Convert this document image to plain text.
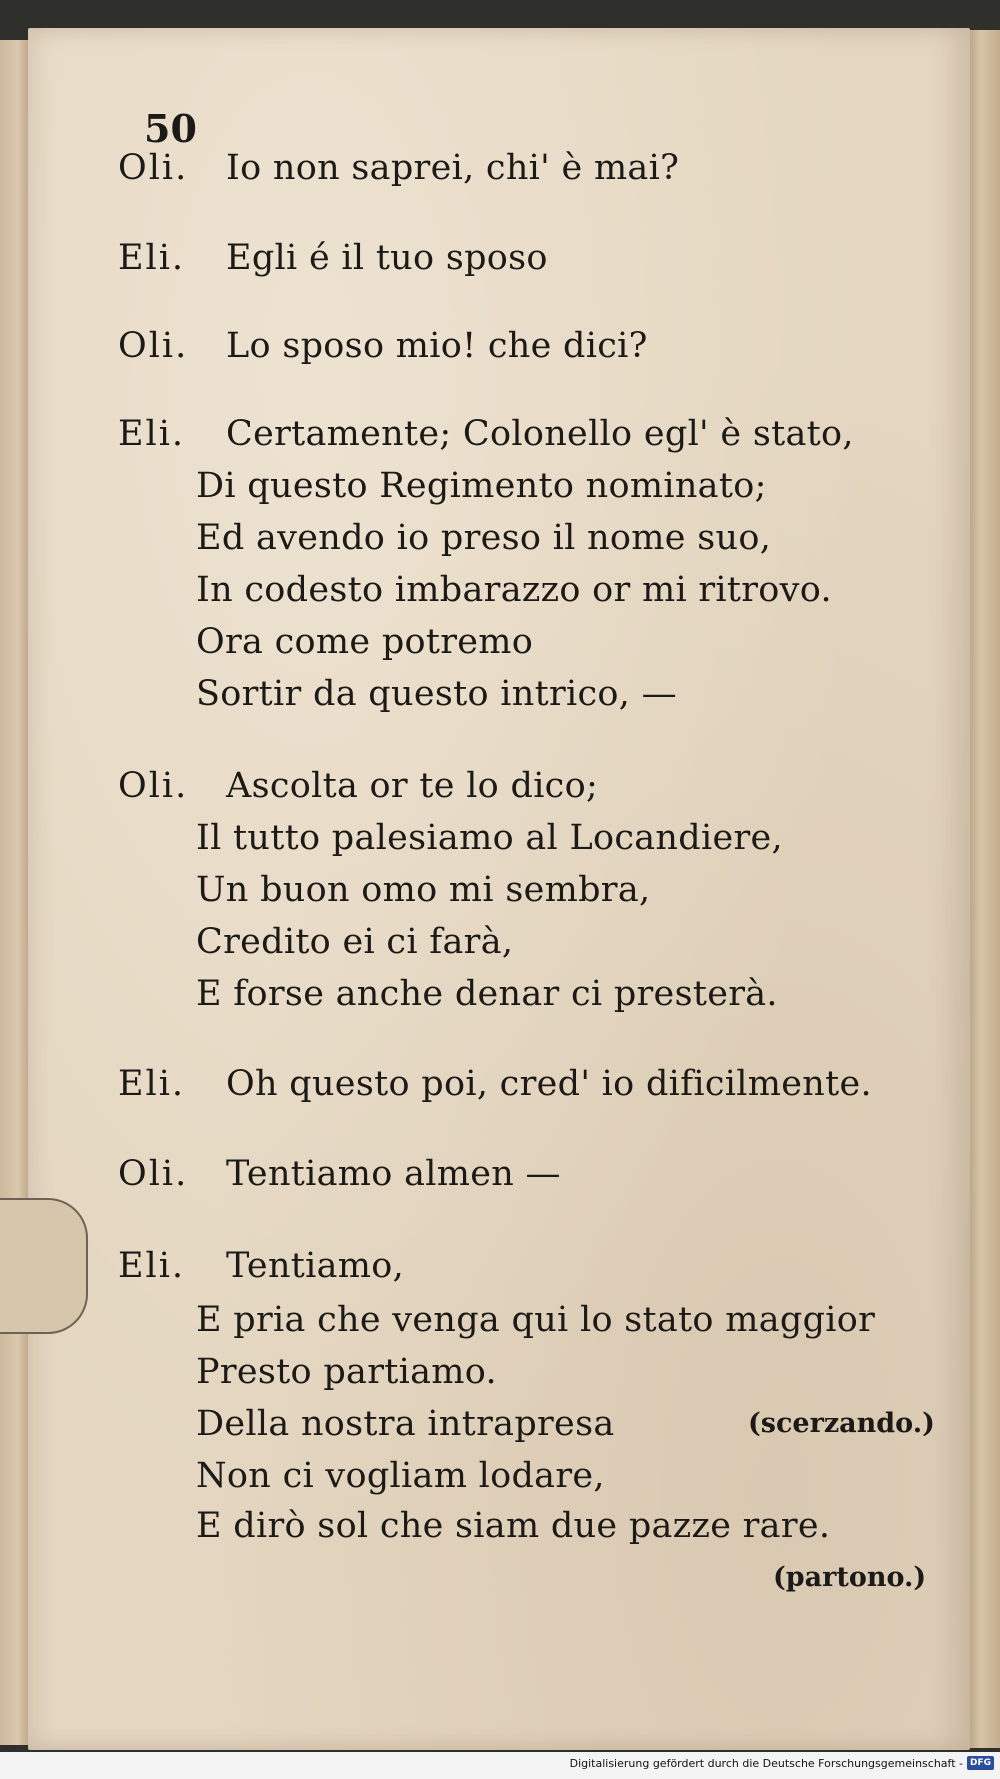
50
Oli. Io non saprei, chi' è mai?
Eli. Egli é il tuo sposo
Oli. Lo sposo mio! che dici?
Eli. Certamente; Colonello egl' è stato,
Di questo Regimento nominato;
Ed avendo io preso il nome suo,
In codesto imbarazzo or mi ritrovo.
Ora come potremo
Sortir da questo intrico, —
Oli. Ascolta or te lo dico;
Il tutto palesiamo al Locandiere,
Un buon omo mi sembra,
Credito ei ci farà,
E forse anche denar ci presterà.
Eli. Oh questo poi, cred' io dificilmente.
Oli. Tentiamo almen —
Eli. Tentiamo,
E pria che venga qui lo stato maggior
Presto partiamo.
Della nostra intrapresa	(scerzando.)
Non ci vogliam lodare,
E dirò sol che siam due pazze rare.
(partono.)
Digitalisierung gefördert durch die Deutsche Forschungsgemeinschaft - DFG
